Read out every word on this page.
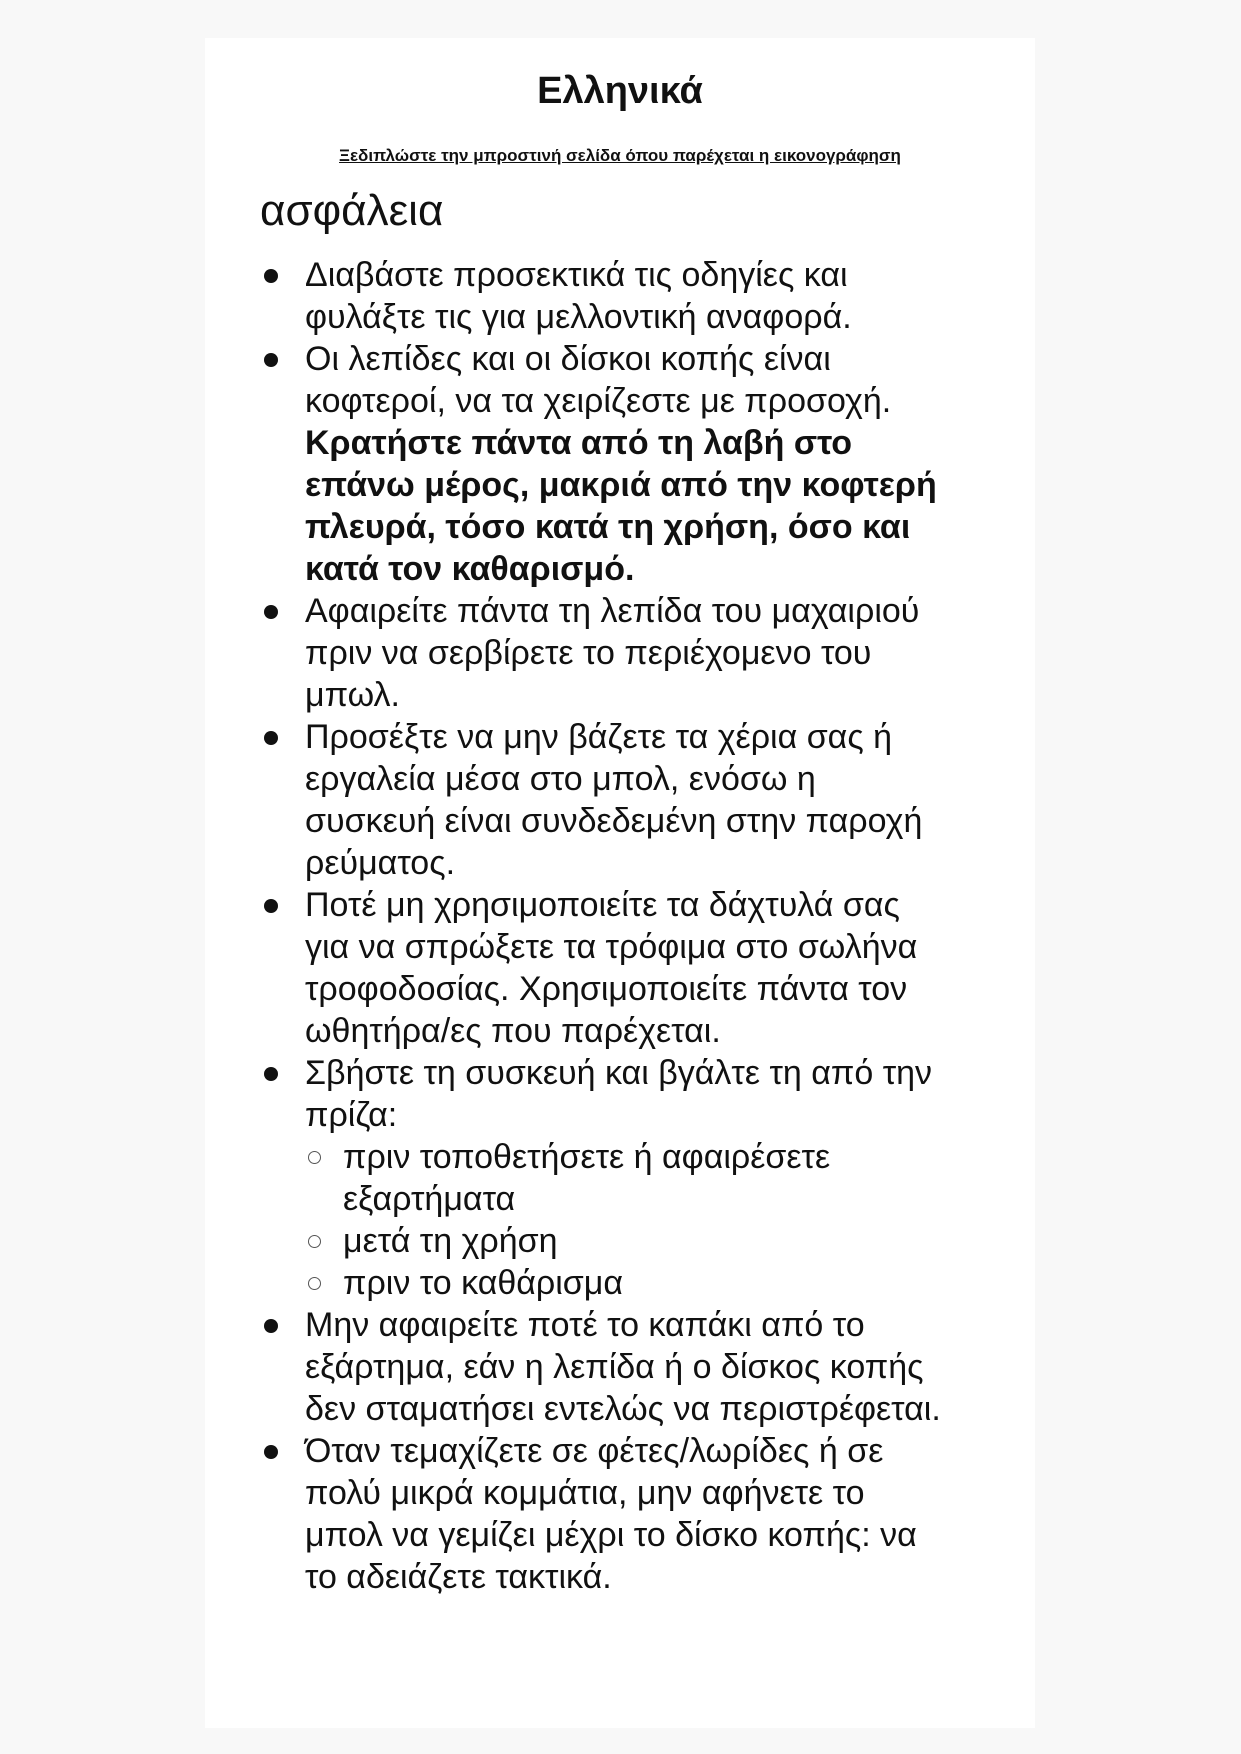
Ελληνικά

Ξεδιπλώστε την μπροστινή σελίδα όπου παρέχεται η εικονογράφηση

ασφάλεια
Διαβάστε προσεκτικά τις οδηγίες και φυλάξτε τις για μελλοντική αναφορά.
Οι λεπίδες και οι δίσκοι κοπής είναι κοφτεροί, να τα χειρίζεστε με προσοχή. Κρατήστε πάντα από τη λαβή στο επάνω μέρος, μακριά από την κοφτερή πλευρά, τόσο κατά τη χρήση, όσο και κατά τον καθαρισμό.
Αφαιρείτε πάντα τη λεπίδα του μαχαιριού πριν να σερβίρετε το περιέχομενο του μπωλ.
Προσέξτε να μην βάζετε τα χέρια σας ή εργαλεία μέσα στο μπολ, ενόσω η συσκευή είναι συνδεδεμένη στην παροχή ρεύματος.
Ποτέ μη χρησιμοποιείτε τα δάχτυλά σας για να σπρώξετε τα τρόφιμα στο σωλήνα τροφοδοσίας. Χρησιμοποιείτε πάντα τον ωθητήρα/ες που παρέχεται.
Σβήστε τη συσκευή και βγάλτε τη από την πρίζα:
πριν τοποθετήσετε ή αφαιρέσετε εξαρτήματα
μετά τη χρήση
πριν το καθάρισμα
Μην αφαιρείτε ποτέ το καπάκι από το εξάρτημα, εάν η λεπίδα ή ο δίσκος κοπής δεν σταματήσει εντελώς να περιστρέφεται.
Όταν τεμαχίζετε σε φέτες/λωρίδες ή σε πολύ μικρά κομμάτια, μην αφήνετε το μπολ να γεμίζει μέχρι το δίσκο κοπής: να το αδειάζετε τακτικά.
